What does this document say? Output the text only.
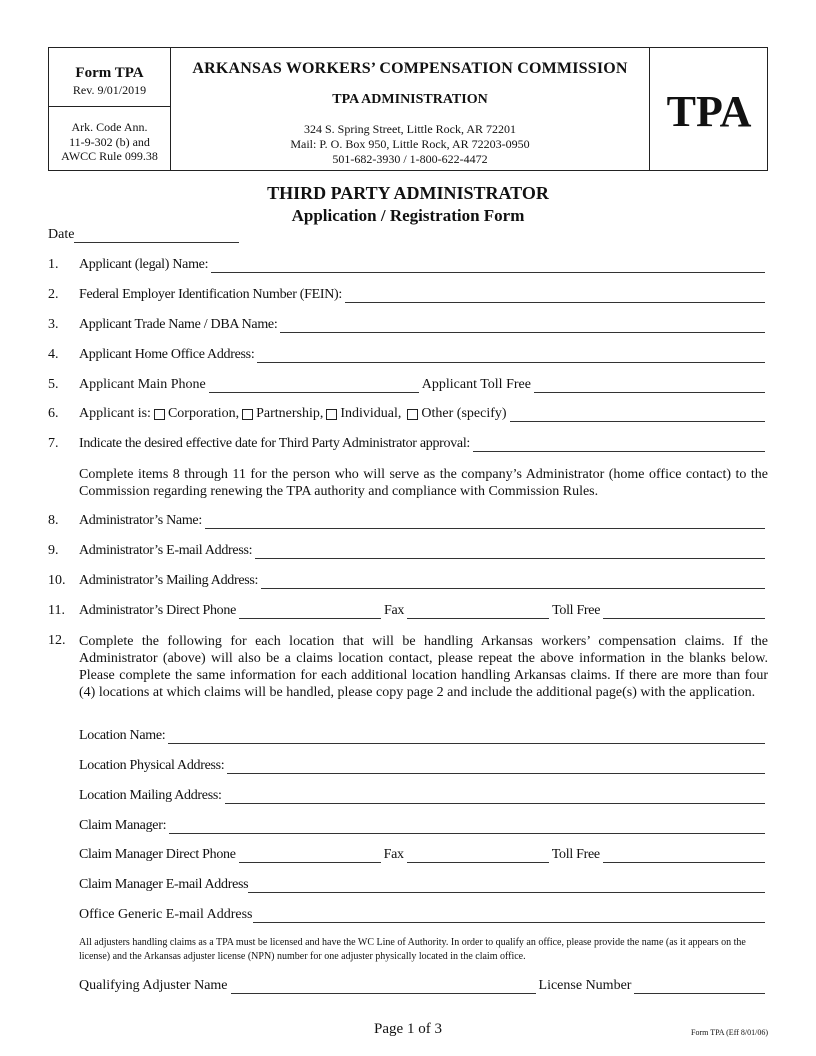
Form TPA
Rev. 9/01/2019
Ark. Code Ann.
11-9-302 (b) and
AWCC Rule 099.38
ARKANSAS WORKERS’ COMPENSATION COMMISSION
TPA ADMINISTRATION
324 S. Spring Street, Little Rock, AR 72201
Mail: P. O. Box 950, Little Rock, AR 72203-0950
501-682-3930 / 1-800-622-4472
TPA
THIRD PARTY ADMINISTRATOR
Application / Registration Form
Date
1. Applicant (legal) Name:
2. Federal Employer Identification Number (FEIN):
3. Applicant Trade Name / DBA Name:
4. Applicant Home Office Address:
5. Applicant Main Phone	Applicant Toll Free
6. Applicant is: Corporation, Partnership, Individual, Other (specify)
7. Indicate the desired effective date for Third Party Administrator approval:
Complete items 8 through 11 for the person who will serve as the company’s Administrator (home office contact) to the Commission regarding renewing the TPA authority and compliance with Commission Rules.
8. Administrator’s Name:
9. Administrator’s E-mail Address:
10. Administrator’s Mailing Address:
11. Administrator’s Direct Phone	Fax	Toll Free
12. Complete the following for each location that will be handling Arkansas workers’ compensation claims. If the Administrator (above) will also be a claims location contact, please repeat the above information in the blanks below. Please complete the same information for each additional location handling Arkansas claims. If there are more than four (4) locations at which claims will be handled, please copy page 2 and include the additional page(s) with the application.
Location Name:
Location Physical Address:
Location Mailing Address:
Claim Manager:
Claim Manager Direct Phone	Fax	Toll Free
Claim Manager E-mail Address
Office Generic E-mail Address
All adjusters handling claims as a TPA must be licensed and have the WC Line of Authority. In order to qualify an office, please provide the name (as it appears on the license) and the Arkansas adjuster license (NPN) number for one adjuster physically located in the claim office.
Qualifying Adjuster Name	License Number
Page 1 of 3	Form TPA (Eff 8/01/06)
